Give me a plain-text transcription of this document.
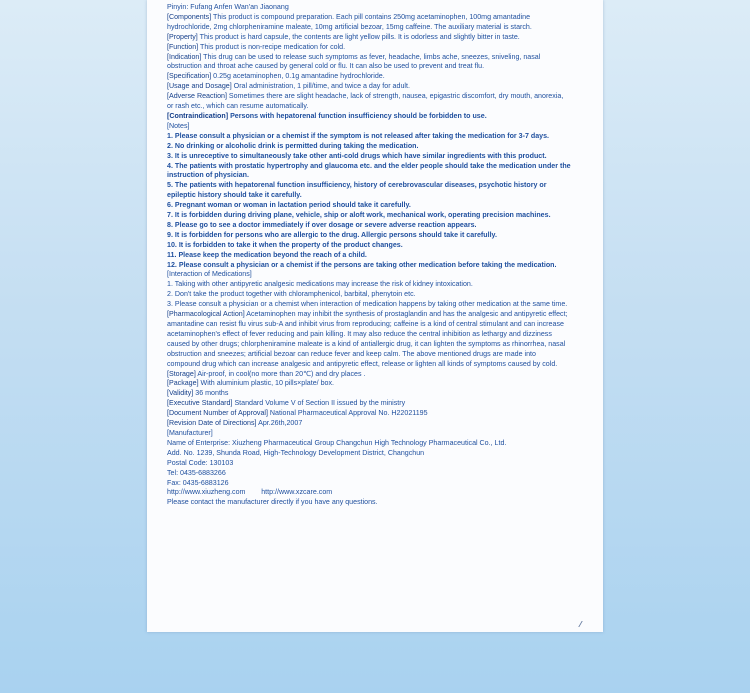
Pinyin: Fufang Anfen Wan'an Jiaonang

[Components] This product is compound preparation. Each pill contains 250mg acetaminophen, 100mg amantadine hydrochloride, 2mg chlorpheniramine maleate, 10mg artificial bezoar, 15mg caffeine. The auxiliary material is starch.

[Property] This product is hard capsule, the contents are light yellow pills. It is odorless and slightly bitter in taste.

[Function] This product is non-recipe medication for cold.

[Indication] This drug can be used to release such symptoms as fever, headache, limbs ache, sneezes, sniveling, nasal obstruction and throat ache caused by general cold or flu. It can also be used to prevent and treat flu.

[Specification] 0.25g acetaminophen, 0.1g amantadine hydrochloride.

[Usage and Dosage] Oral administration, 1 pill/time, and twice a day for adult.

[Adverse Reaction] Sometimes there are slight headache, lack of strength, nausea, epigastric discomfort, dry mouth, anorexia, or rash etc., which can resume automatically.

[Contraindication] Persons with hepatorenal function insufficiency should be forbidden to use.

[Notes]

1. Please consult a physician or a chemist if the symptom is not released after taking the medication for 3-7 days.

2. No drinking or alcoholic drink is permitted during taking the medication.

3. It is unreceptive to simultaneously take other anti-cold drugs which have similar ingredients with this product.

4. The patients with prostatic hypertrophy and glaucoma etc. and the elder people should take the medication under the instruction of physician.

5. The patients with hepatorenal function insufficiency, history of cerebrovascular diseases, psychotic history or epileptic history should take it carefully.

6. Pregnant woman or woman in lactation period should take it carefully.

7. It is forbidden during driving plane, vehicle, ship or aloft work, mechanical work, operating precision machines.

8. Please go to see a doctor immediately if over dosage or severe adverse reaction appears.

9. It is forbidden for persons who are allergic to the drug. Allergic persons should take it carefully.

10. It is forbidden to take it when the property of the product changes.

11. Please keep the medication beyond the reach of a child.

12. Please consult a physician or a chemist if the persons are taking other medication before taking the medication.

[Interaction of Medications]

1. Taking with other antipyretic analgesic medications may increase the risk of kidney intoxication.

2. Don't take the product together with chloramphenicol, barbital, phenytoin etc.

3. Please consult a physician or a chemist when interaction of medication happens by taking other medication at the same time.

[Pharmacological Action] Acetaminophen may inhibit the synthesis of prostaglandin and has the analgesic and antipyretic effect; amantadine can resist flu virus sub-A and inhibit virus from reproducing; caffeine is a kind of central stimulant and can increase acetaminophen's effect of fever reducing and pain killing. It may also reduce the central inhibition as lethargy and dizziness caused by other drugs; chlorpheniramine maleate is a kind of antiallergic drug, it can lighten the symptoms as rhinorrhea, nasal obstruction and sneezes; artificial bezoar can reduce fever and keep calm. The above mentioned drugs are made into compound drug which can increase analgesic and antipyretic effect, release or lighten all kinds of symptoms caused by cold.

[Storage] Air-proof, in cool(no more than 20℃) and dry places .

[Package] With aluminium plastic, 10 pills×plate/ box.

[Validity] 36 months

[Executive Standard] Standard Volume V of Section II issued by the ministry

[Document Number of Approval] National Pharmaceutical Approval No. H22021195

[Revision Date of Directions] Apr.26th,2007

[Manufacturer]

Name of Enterprise: Xiuzheng Pharmaceutical Group Changchun High Technology Pharmaceutical Co., Ltd.

Add. No. 1239, Shunda Road, High-Technology Development District, Changchun

Postal Code: 130103

Tel: 0435-6883266

Fax: 0435-6883126

http://www.xiuzheng.com        http://www.xzcare.com

Please contact the manufacturer directly if you have any questions.
